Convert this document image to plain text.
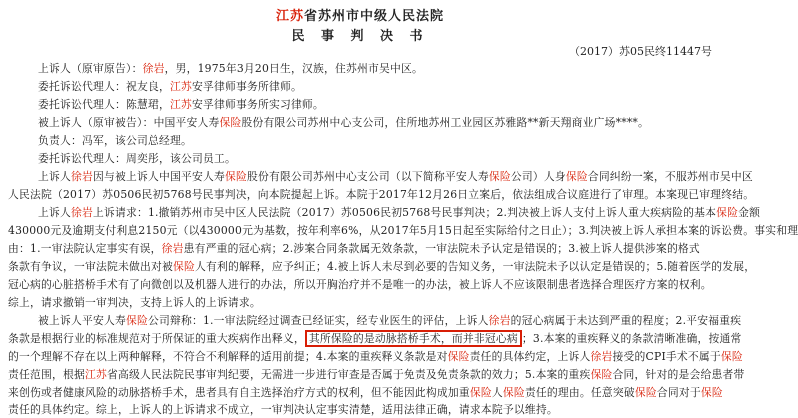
江苏省苏州市中级人民法院
民 事 判 决 书
（2017）苏05民终11447号
上诉人（原审原告）：徐岩，男，1975年3月20日生，汉族，住苏州市吴中区。
委托诉讼代理人：祝友良，江苏安孚律师事务所律师。
委托诉讼代理人：陈慧珺，江苏安孚律师事务所实习律师。
被上诉人（原审被告）：中国平安人寿保险股份有限公司苏州中心支公司，住所地苏州工业园区苏雅路**新天翔商业广场****。
负责人：冯军，该公司总经理。
委托诉讼代理人：周奕彤，该公司员工。
上诉人徐岩因与被上诉人中国平安人寿保险股份有限公司苏州中心支公司（以下简称平安人寿保险公司）人身保险合同纠纷一案，不服苏州市吴中区
人民法院（2017）苏0506民初5768号民事判决，向本院提起上诉。本院于2017年12月26日立案后，依法组成合议庭进行了审理。本案现已审理终结。
上诉人徐岩上诉请求：1.撤销苏州市吴中区人民法院（2017）苏0506民初5768号民事判决；2.判决被上诉人支付上诉人重大疾病险的基本保险金额
430000元及逾期支付利息2150元（以430000元为基数，按年利率6%，从2017年5月15日起至实际给付之日止）；3.判决被上诉人承担本案的诉讼费。事实和理
由：1.一审法院认定事实有误，徐岩患有严重的冠心病；2.涉案合同条款属无效条款，一审法院未予认定是错误的；3.被上诉人提供涉案的格式
条款有争议，一审法院未做出对被保险人有利的解释，应予纠正；4.被上诉人未尽到必要的告知义务，一审法院未予以认定是错误的；5.随着医学的发展，
冠心病的心脏搭桥手术有了向微创以及机器人进行的办法，所以开胸治疗并不是唯一的办法，被上诉人不应该限制患者选择合理医疗方案的权利。
综上，请求撤销一审判决，支持上诉人的上诉请求。
被上诉人平安人寿保险公司辩称：1.一审法院经过调查已经证实，经专业医生的评估，上诉人徐岩的冠心病属于未达到严重的程度；2.平安福重疾
条款是根据行业的标准规范对于所保证的重大疾病作出释义， 其所保险的是动脉搭桥手术，而并非冠心病 ；3.本案的重疾释义的条款清晰准确，按通常
的一个理解不存在以上两种解释，不符合不利解释的适用前提；4.本案的重疾释义条款是对保险责任的具体约定，上诉人徐岩接受的CPI手术不属于保险
责任范围，根据江苏省高级人民法院民事审判纪要，无需进一步进行审查是否属于免责及免责条款的效力；5.本案的重疾保险合同，针对的是会给患者带
来创伤或者健康风险的动脉搭桥手术，患者具有自主选择治疗方式的权利，但不能因此构成加重保险人保险责任的理由。任意突破保险合同对于保险
责任的具体约定。综上，上诉人的上诉请求不成立，一审判决认定事实清楚，适用法律正确，请求本院予以维持。
